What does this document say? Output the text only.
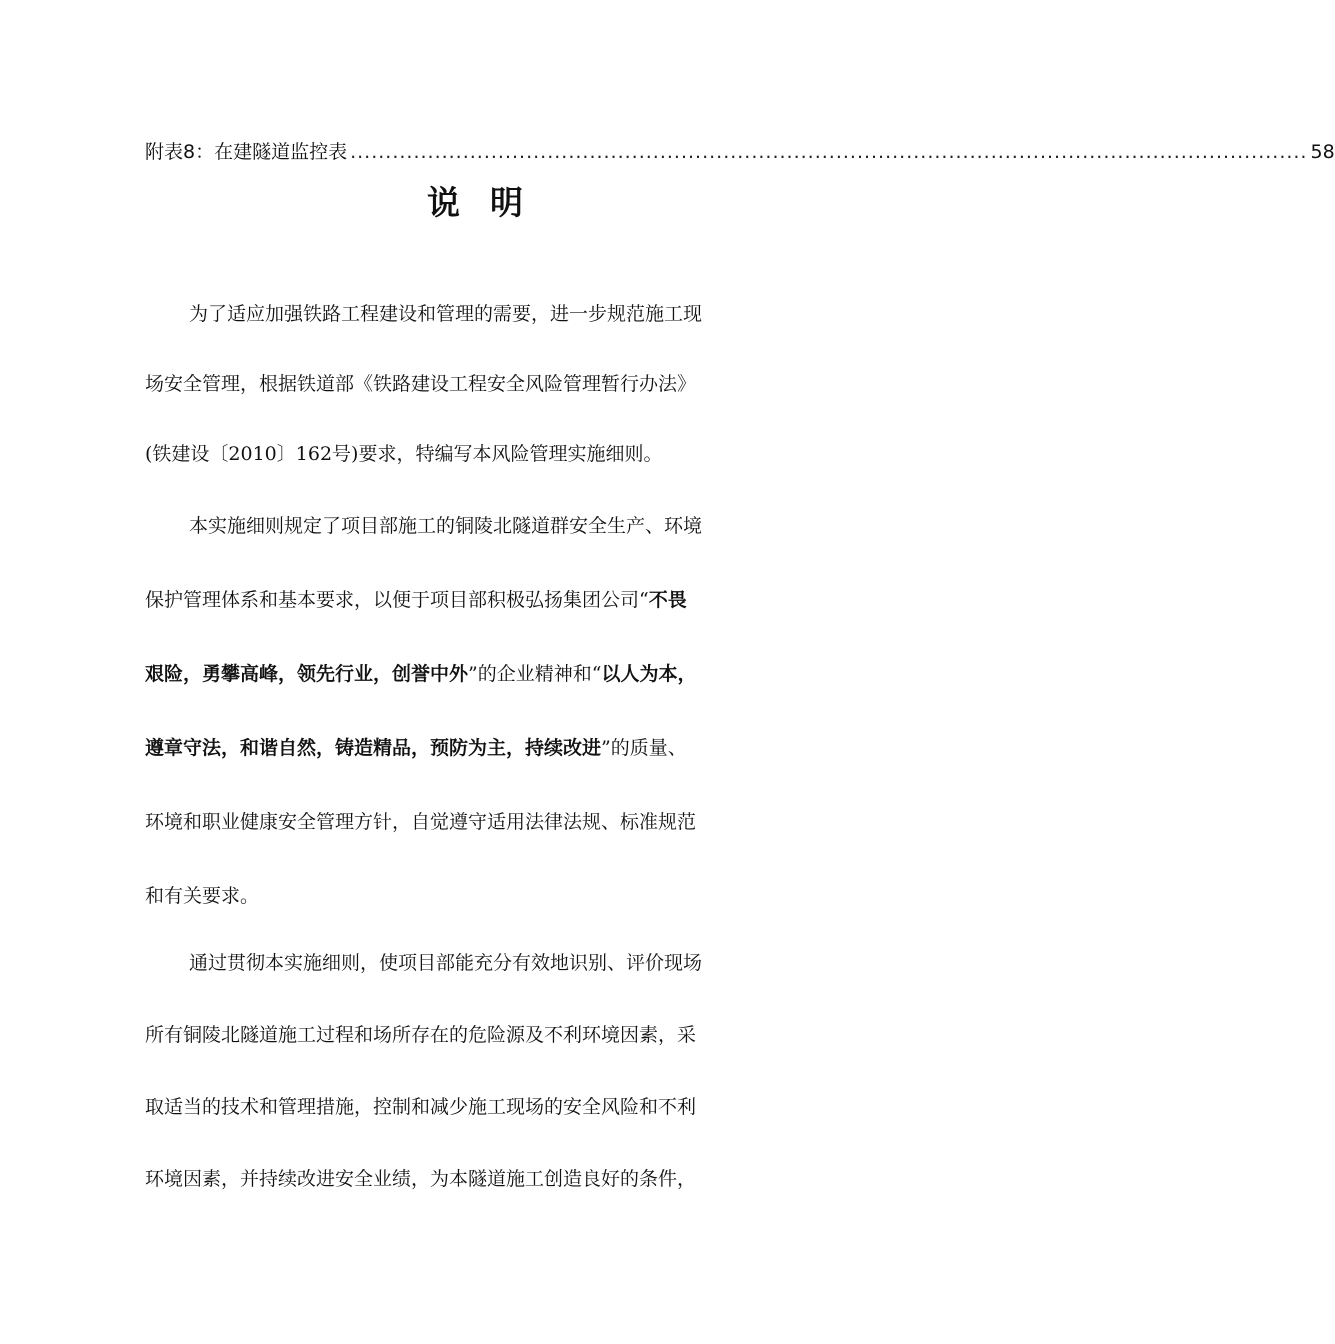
附表8：在建隧道监控表 ........................................................................................................................................ 58
说明
为了适应加强铁路工程建设和管理的需要，进一步规范施工现
场安全管理，根据铁道部《铁路建设工程安全风险管理暂行办法》
(铁建设〔2010〕162号)要求，特编写本风险管理实施细则。
本实施细则规定了项目部施工的铜陵北隧道群安全生产、环境
保护管理体系和基本要求，以便于项目部积极弘扬集团公司“不畏
艰险，勇攀高峰，领先行业，创誉中外”的企业精神和“以人为本，
遵章守法，和谐自然，铸造精品，预防为主，持续改进”的质量、
环境和职业健康安全管理方针，自觉遵守适用法律法规、标准规范
和有关要求。
通过贯彻本实施细则，使项目部能充分有效地识别、评价现场
所有铜陵北隧道施工过程和场所存在的危险源及不利环境因素，采
取适当的技术和管理措施，控制和减少施工现场的安全风险和不利
环境因素，并持续改进安全业绩，为本隧道施工创造良好的条件，
